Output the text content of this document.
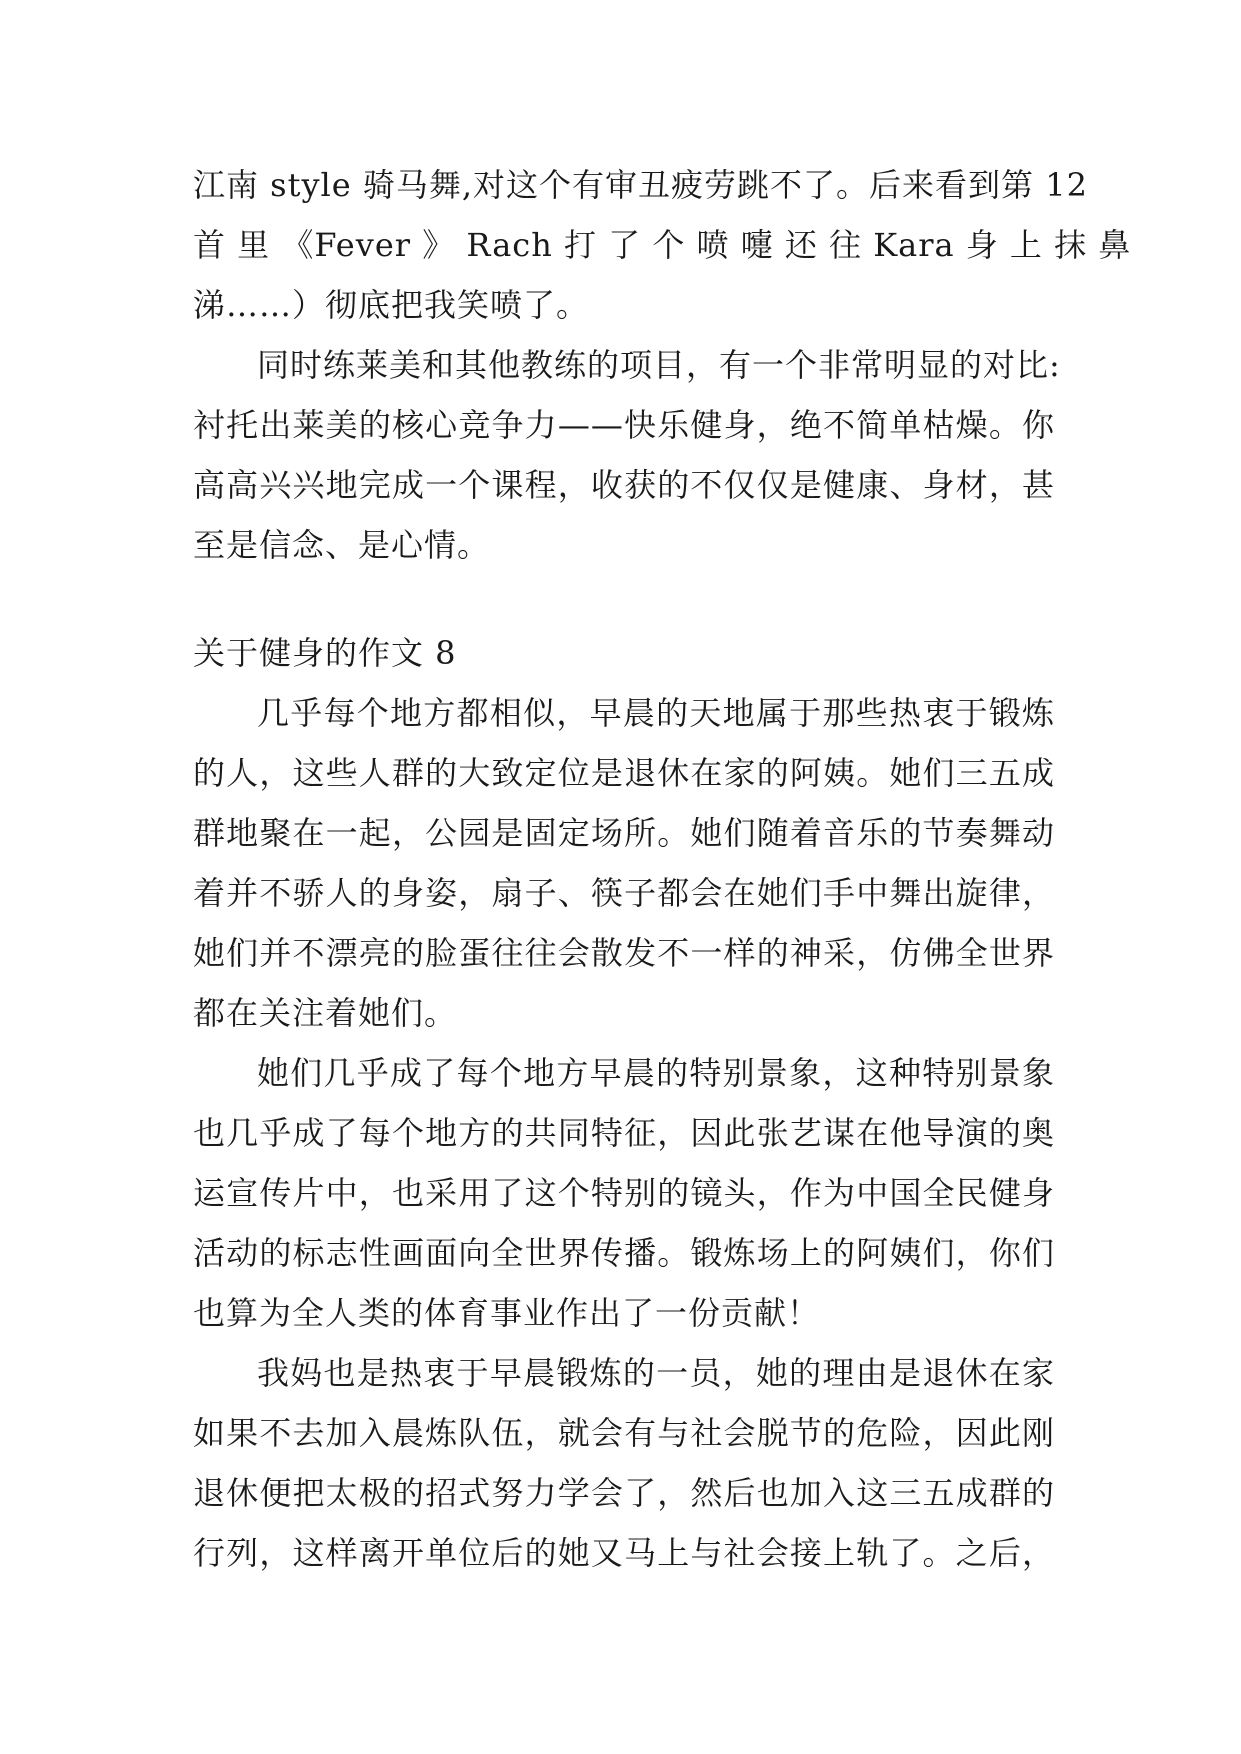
江南 style 骑马舞,对这个有审丑疲劳跳不了。后来看到第 12
首 里 《Fever 》 Rach 打 了 个 喷 嚏 还 往 Kara 身 上 抹 鼻
涕……）彻底把我笑喷了。
同时练莱美和其他教练的项目，有一个非常明显的对比:
衬托出莱美的核心竞争力——快乐健身，绝不简单枯燥。你
高高兴兴地完成一个课程，收获的不仅仅是健康、身材，甚
至是信念、是心情。
关于健身的作文 8
几乎每个地方都相似，早晨的天地属于那些热衷于锻炼
的人，这些人群的大致定位是退休在家的阿姨。她们三五成
群地聚在一起，公园是固定场所。她们随着音乐的节奏舞动
着并不骄人的身姿，扇子、筷子都会在她们手中舞出旋律，
她们并不漂亮的脸蛋往往会散发不一样的神采，仿佛全世界
都在关注着她们。
她们几乎成了每个地方早晨的特别景象，这种特别景象
也几乎成了每个地方的共同特征，因此张艺谋在他导演的奥
运宣传片中，也采用了这个特别的镜头，作为中国全民健身
活动的标志性画面向全世界传播。锻炼场上的阿姨们，你们
也算为全人类的体育事业作出了一份贡献！
我妈也是热衷于早晨锻炼的一员，她的理由是退休在家
如果不去加入晨炼队伍，就会有与社会脱节的危险，因此刚
退休便把太极的招式努力学会了，然后也加入这三五成群的
行列，这样离开单位后的她又马上与社会接上轨了。之后，
